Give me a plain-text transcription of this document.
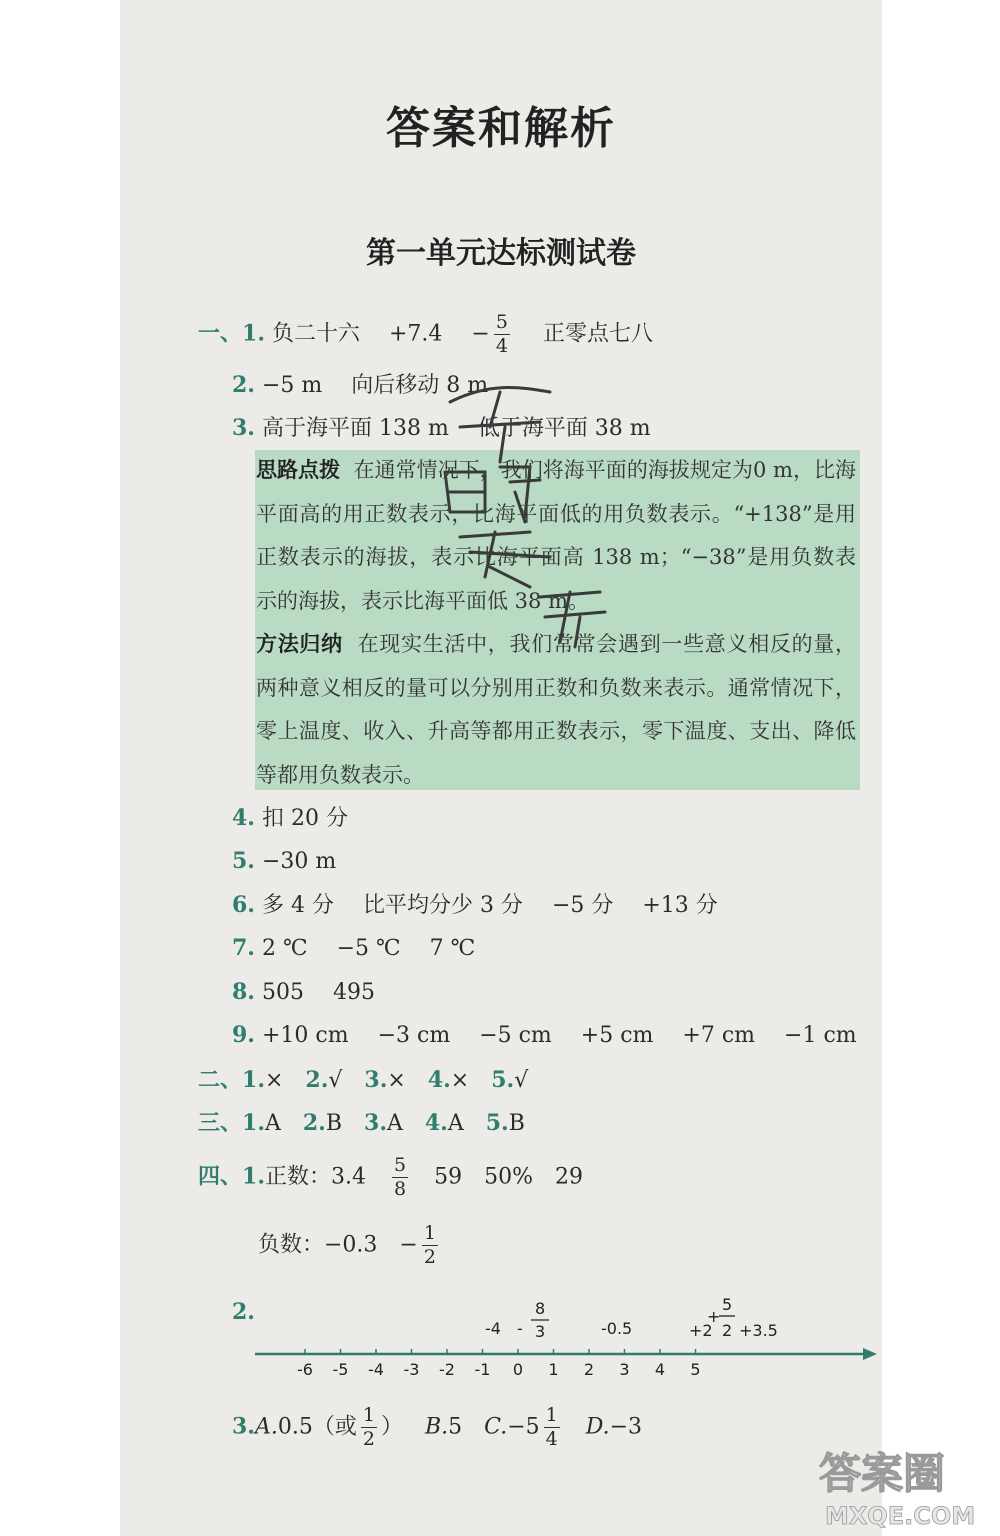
答案和解析
第一单元达标测试卷
一、1. 负二十六 $+7.4 - \frac{5}{4}$ 正零点七八
2. −5 m 向后移动 8 m
3. 高于海平面 138 m 低于海平面 38 m
思路点拨 在通常情况下，我们将海平面的海拔规定为0 m，比海平面高的用正数表示，比海平面低的用负数表示。“+138”是用正数表示的海拔，表示比海平面高 138 m；“−38”是用负数表示的海拔，表示比海平面低 38 m。
方法归纳 在现实生活中，我们常常会遇到一些意义相反的量，两种意义相反的量可以分别用正数和负数来表示。通常情况下，零上温度、收入、升高等都用正数表示，零下温度、支出、降低等都用负数表示。
4. 扣 20 分
5. −30 m
6. 多 4 分 比平均分少 3 分 −5 分 +13 分
7. 2 ℃ −5 ℃ 7 ℃
8. 505 495
9. +10 cm −3 cm −5 cm +5 cm +7 cm −1 cm
二、1.× 2.√ 3.× 4.× 5.√
三、1.A 2.B 3.A 4.A 5.B
四、1.正数：$3.4 \frac{5}{8} 59$ 50% 29
负数：$-0.3 - \frac{1}{2}$
2.
-6 -5 -4 -3 -2 -1 0 1 2 3 4 5
-4 -
8
3	-0.5	+2
+
5
2 +3.5
3.A.0.5（或 $\frac{1}{2}$ ） B.5 $C.-5 \frac{1}{4} D.-3$
答案圈
MXQE.COM
